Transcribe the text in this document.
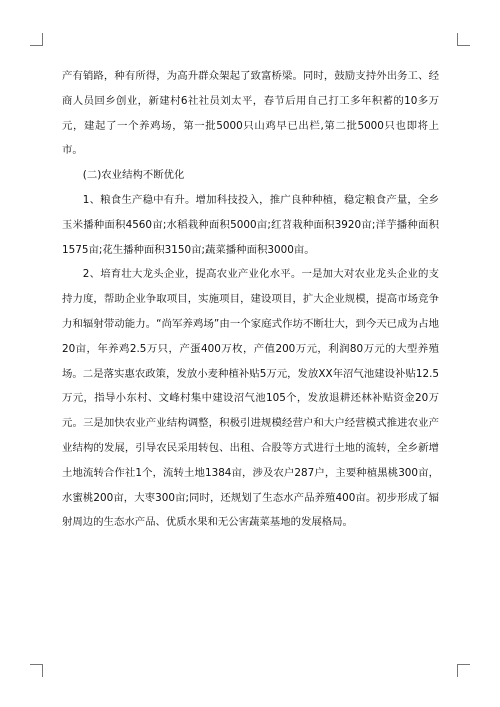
产有销路，种有所得，为高升群众架起了致富桥梁。同时，鼓励支持外出务工、经商人员回乡创业，新建村6社社员刘太平，春节后用自己打工多年积蓄的10多万元，建起了一个养鸡场，第一批5000只山鸡早已出栏,第二批5000只也即将上市。

(二)农业结构不断优化

1、粮食生产稳中有升。增加科技投入，推广良种种植，稳定粮食产量，全乡玉米播种面积4560亩;水稻栽种面积5000亩;红苕栽种面积3920亩;洋芋播种面积1575亩;花生播种面积3150亩;蔬菜播种面积3000亩。

2、培育壮大龙头企业，提高农业产业化水平。一是加大对农业龙头企业的支持力度，帮助企业争取项目，实施项目，建设项目，扩大企业规模，提高市场竞争力和辐射带动能力。“尚军养鸡场”由一个家庭式作坊不断壮大，到今天已成为占地20亩，年养鸡2.5万只，产蛋400万枚，产值200万元，利润80万元的大型养殖场。二是落实惠农政策，发放小麦种植补贴5万元，发放XX年沼气池建设补贴12.5万元，指导小东村、文峰村集中建设沼气池105个，发放退耕还林补贴资金20万元。三是加快农业产业结构调整，积极引进规模经营户和大户经营模式推进农业产业结构的发展，引导农民采用转包、出租、合股等方式进行土地的流转，全乡新增土地流转合作社1个，流转土地1384亩，涉及农户287户，主要种植黑桃300亩，水蜜桃200亩，大枣300亩;同时，还规划了生态水产品养殖400亩。初步形成了辐射周边的生态水产品、优质水果和无公害蔬菜基地的发展格局。
